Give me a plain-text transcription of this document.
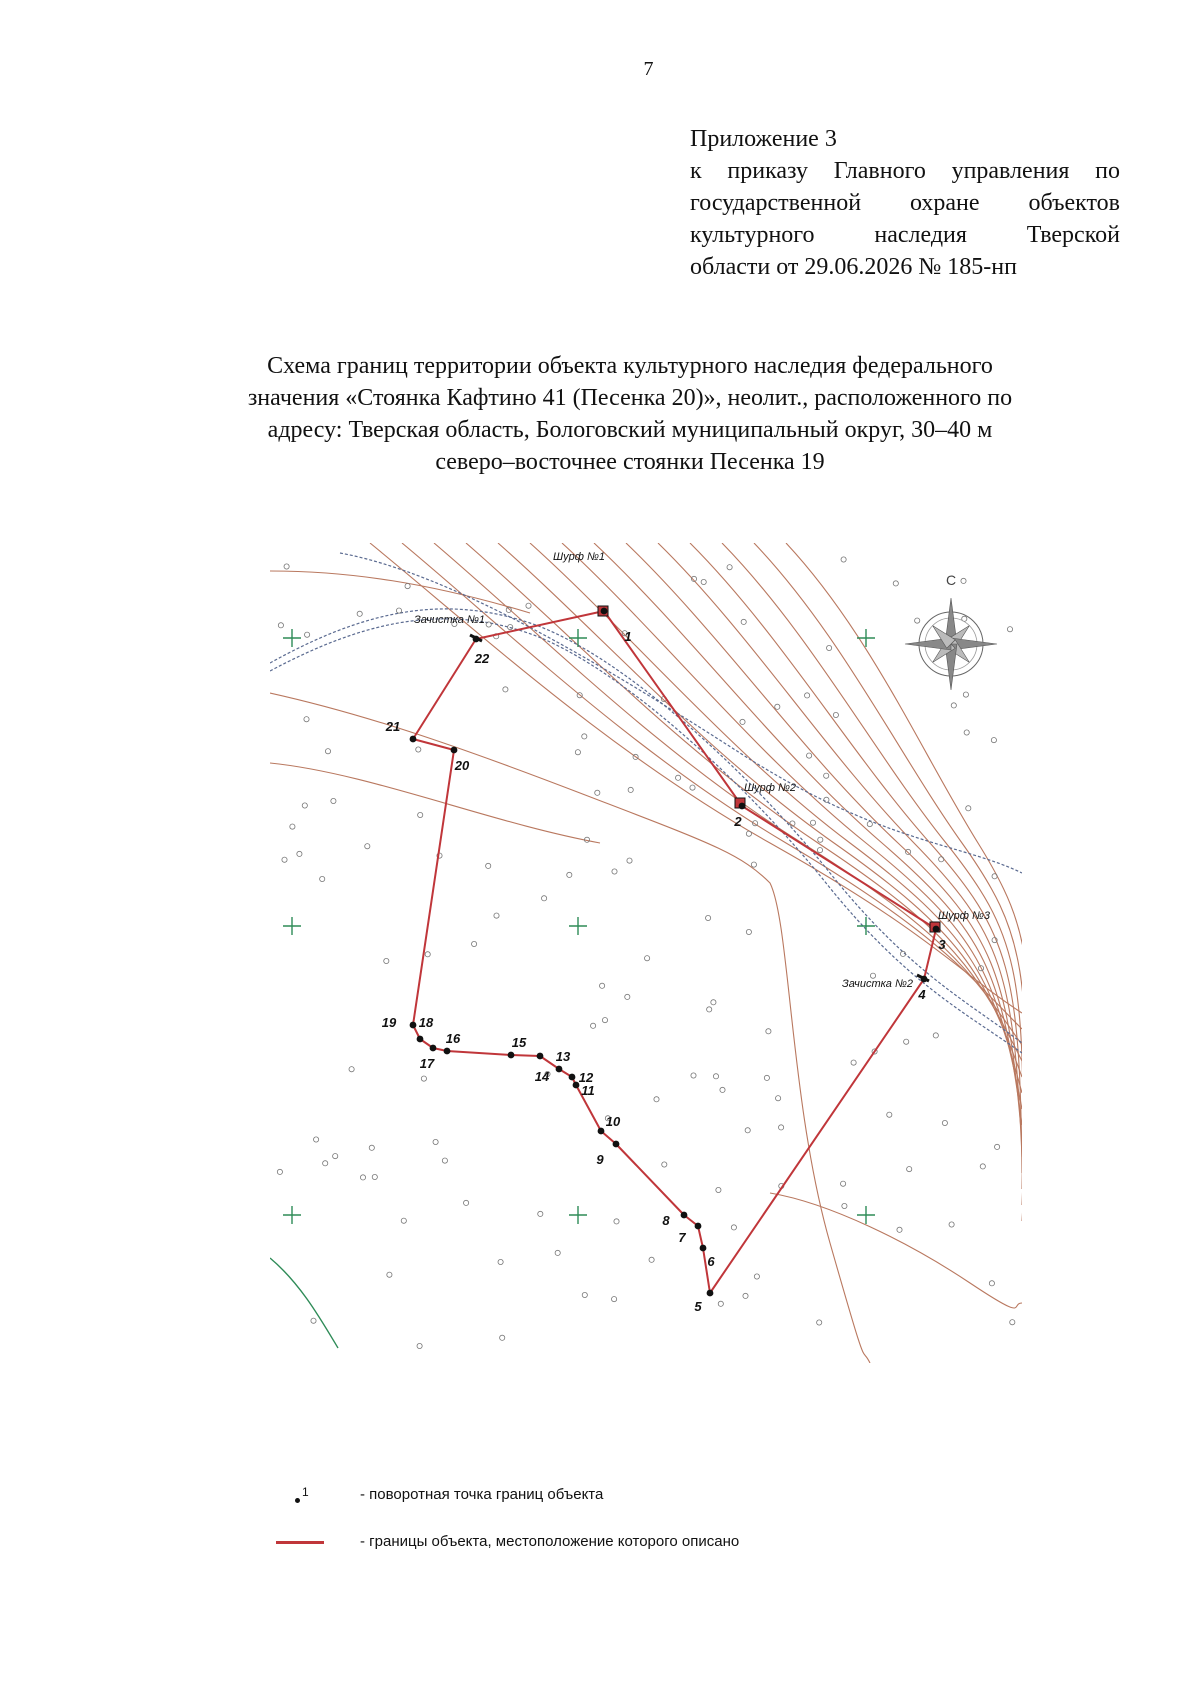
7
Приложение 3
к приказу Главного управления по
государственной охране объектов
культурного наследия Тверской
области от 29.06.2026 № 185-нп
Схема границ территории объекта культурного наследия федерального
значения «Стоянка Кафтино 41 (Песенка 20)», неолит., расположенного по
адресу: Тверская область, Бологовский муниципальный округ, 30–40 м
северо–восточнее стоянки Песенка 19
С
Шурф №1
Шурф №2
Шурф №3
Зачистка №1
Зачистка №2
1
2
3
4
5
6
7
8
9
10
11
12
13
14
15
16
17
18
19
20
21
22
1	- поворотная точка границ объекта
- границы объекта, местоположение которого описано
